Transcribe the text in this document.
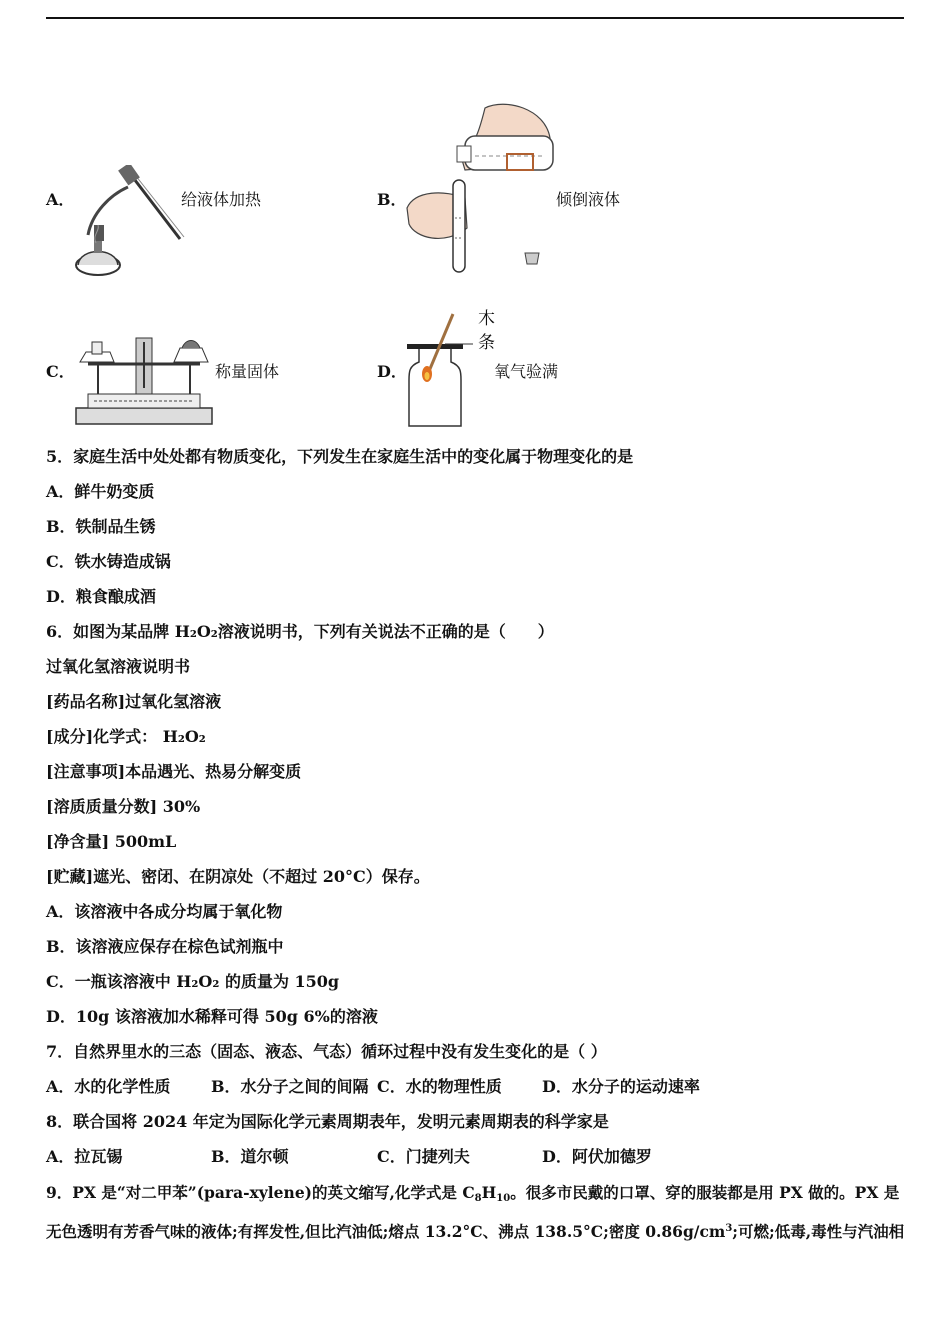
A．	给液体加热	B．	倾倒液体
C．	称量固体	D．
木
条
氧气验满
5．家庭生活中处处都有物质变化，下列发生在家庭生活中的变化属于物理变化的是
A．鲜牛奶变质
B．铁制品生锈
C．铁水铸造成锅
D．粮食酿成酒
6．如图为某品牌 H₂O₂溶液说明书，下列有关说法不正确的是（　　）
过氧化氢溶液说明书
[药品名称]过氧化氢溶液
[成分]化学式： H₂O₂
[注意事项]本品遇光、热易分解变质
[溶质质量分数] 30%
[净含量] 500mL
[贮藏]遮光、密闭、在阴凉处（不超过 20°C）保存。
A．该溶液中各成分均属于氧化物
B．该溶液应保存在棕色试剂瓶中
C．一瓶该溶液中 H₂O₂ 的质量为 150g
D．10g 该溶液加水稀释可得 50g 6%的溶液
7．自然界里水的三态（固态、液态、气态）循环过程中没有发生变化的是（ ）
A．水的化学性质	B．水分子之间的间隔 C．水的物理性质	D．水分子的运动速率
8．联合国将 2024 年定为国际化学元素周期表年，发明元素周期表的科学家是
A．拉瓦锡	B．道尔顿	C．门捷列夫	D．阿伏加德罗
9．PX 是“对二甲苯”(para-xylene)的英文缩写,化学式是 $C_8H_{10}$。很多市民戴的口罩、穿的服装都是用 PX 做的。PX 是
无色透明有芳香气味的液体;有挥发性,但比汽油低;熔点 13.2°C、沸点 138.5°C;密度 $0.86g/cm^3$;可燃;低毒,毒性与汽油相
